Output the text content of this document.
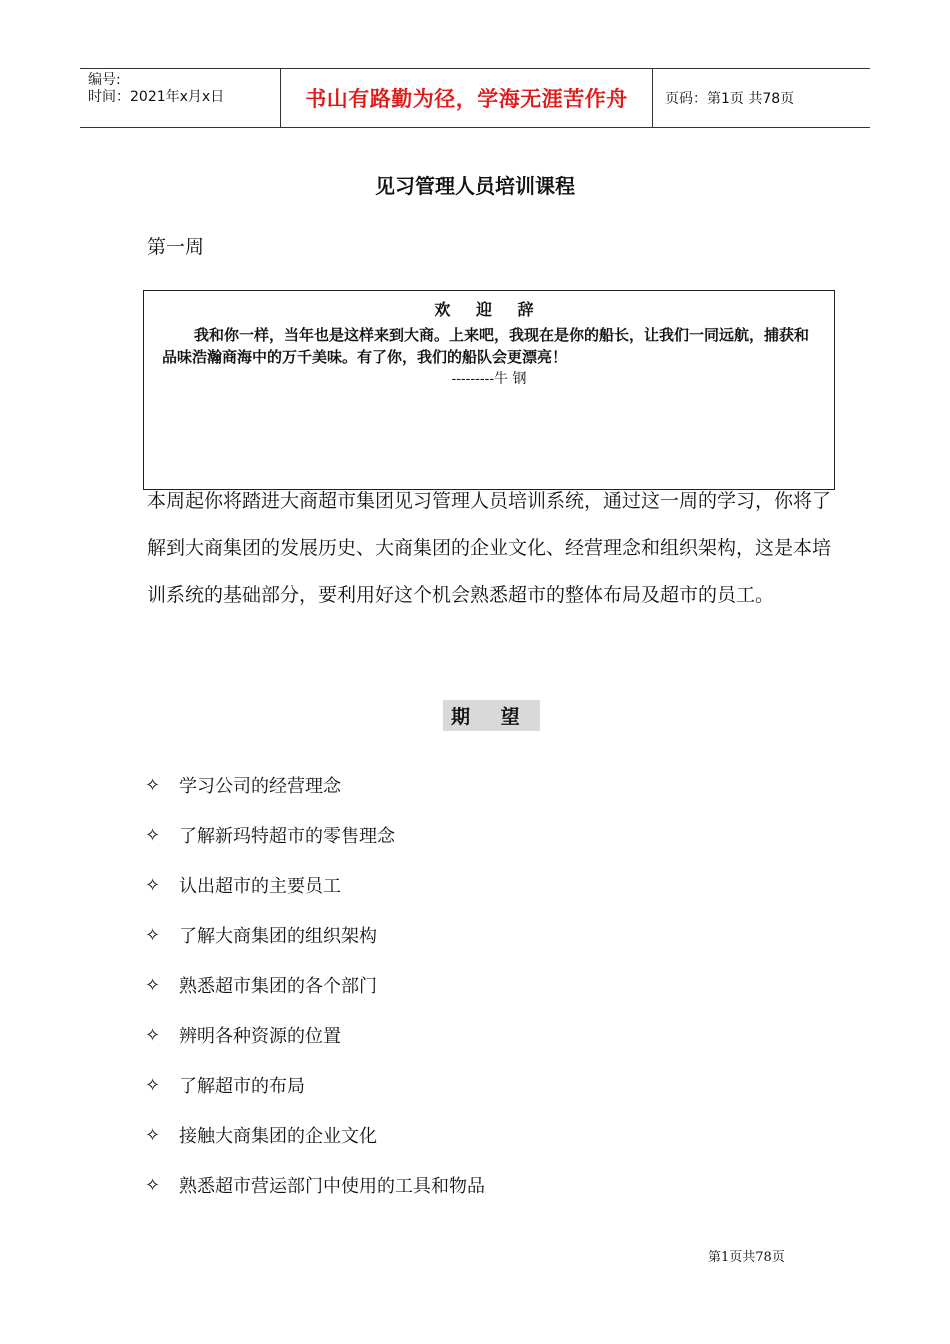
编号:
时间：2021年x月x日	书山有路勤为径，学海无涯苦作舟	页码：第1页 共78页
见习管理人员培训课程
第一周
本周起你将踏进大商超市集团见习管理人员培训系统，通过这一周的学习，你将了解到大商集团的发展历史、大商集团的企业文化、经营理念和组织架构，这是本培训系统的基础部分，要利用好这个机会熟悉超市的整体布局及超市的员工。
欢 迎 辞
我和你一样，当年也是这样来到大商。上来吧，我现在是你的船长，让我们一同远航，捕获和品味浩瀚商海中的万千美味。有了你，我们的船队会更漂亮！
---------牛 钢
期 望
✧	学习公司的经营理念
✧	了解新玛特超市的零售理念
✧	认出超市的主要员工
✧	了解大商集团的组织架构
✧	熟悉超市集团的各个部门
✧	辨明各种资源的位置
✧	了解超市的布局
✧	接触大商集团的企业文化
✧	熟悉超市营运部门中使用的工具和物品
第1页共78页
